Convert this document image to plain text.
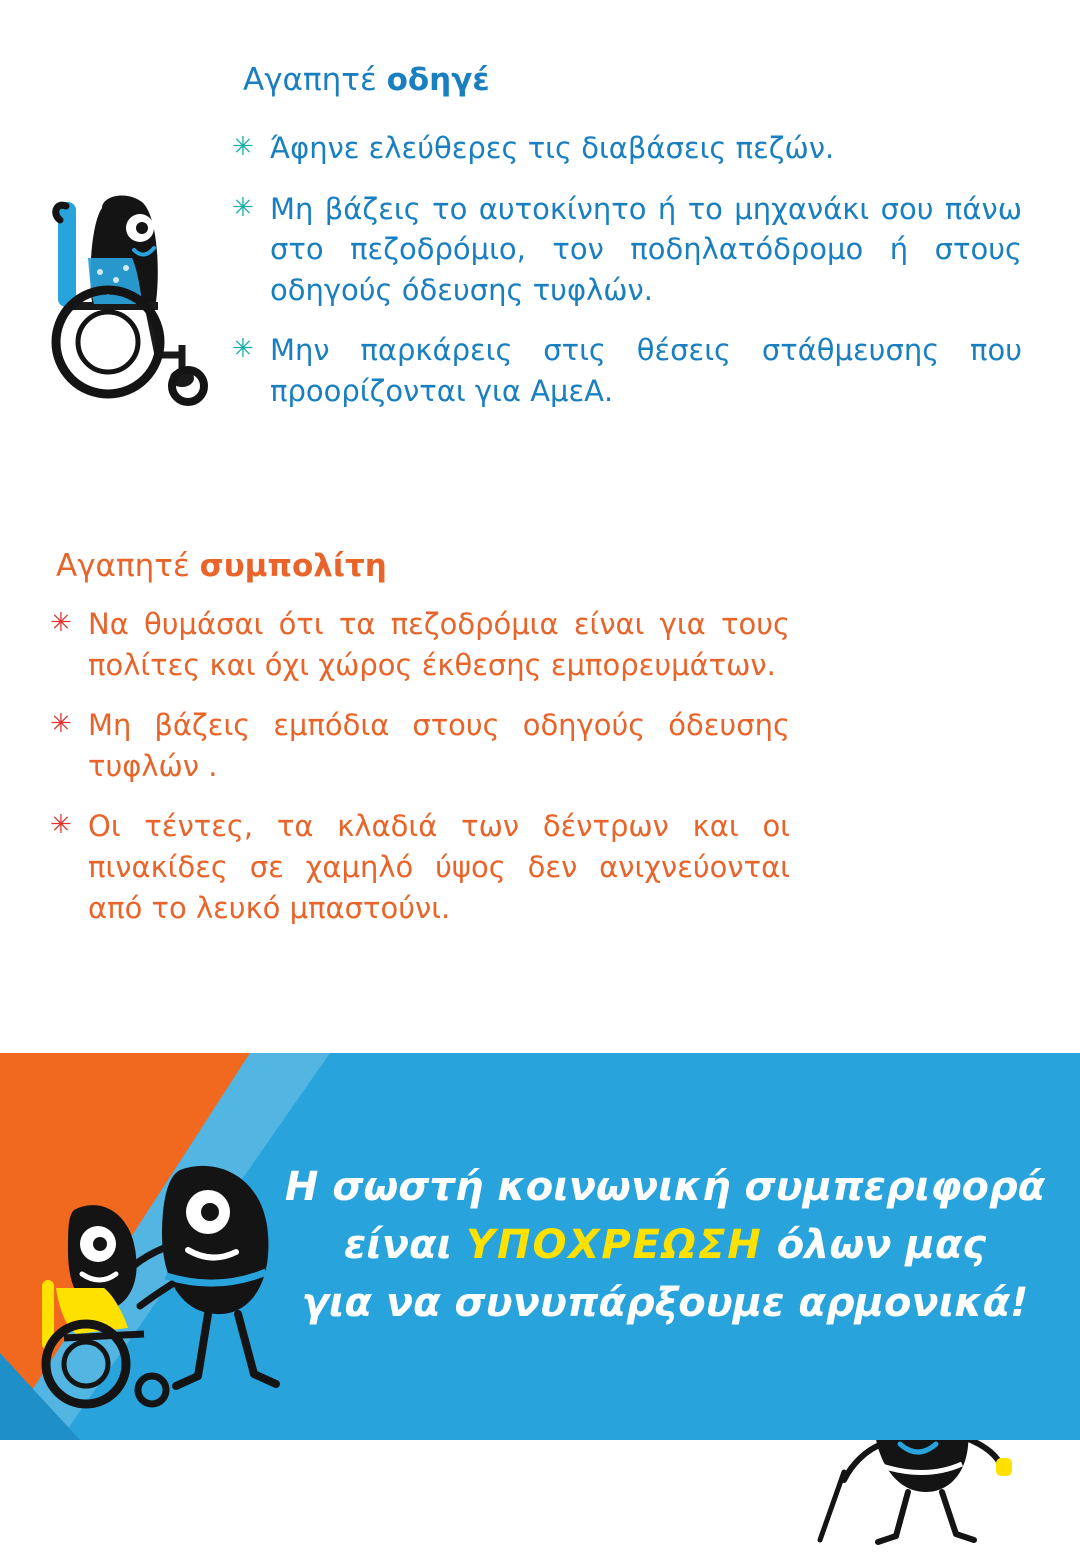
Αγαπητέ οδηγέ
✳ Άφηνε ελεύθερες τις διαβάσεις πεζών.
✳ Μη βάζεις το αυτοκίνητο ή το μηχανάκι σου πάνω στο πεζοδρόμιο, τον ποδηλατόδρομο ή στους οδηγούς όδευσης τυφλών.
✳ Μην παρκάρεις στις θέσεις στάθμευσης που προορίζονται για ΑμεΑ.
Αγαπητέ συμπολίτη
✳ Να θυμάσαι ότι τα πεζοδρόμια είναι για τους πολίτες και όχι χώρος έκθεσης εμπορευμάτων.
✳ Μη βάζεις εμπόδια στους οδηγούς όδευσης τυφλών .
✳ Οι τέντες, τα κλαδιά των δέντρων και οι πινακίδες σε χαμηλό ύψος δεν ανιχνεύονται από το λευκό μπαστούνι.
Η σωστή κοινωνική συμπεριφορά
είναι ΥΠΟΧΡΕΩΣΗ όλων μας
για να συνυπάρξουμε αρμονικά!
